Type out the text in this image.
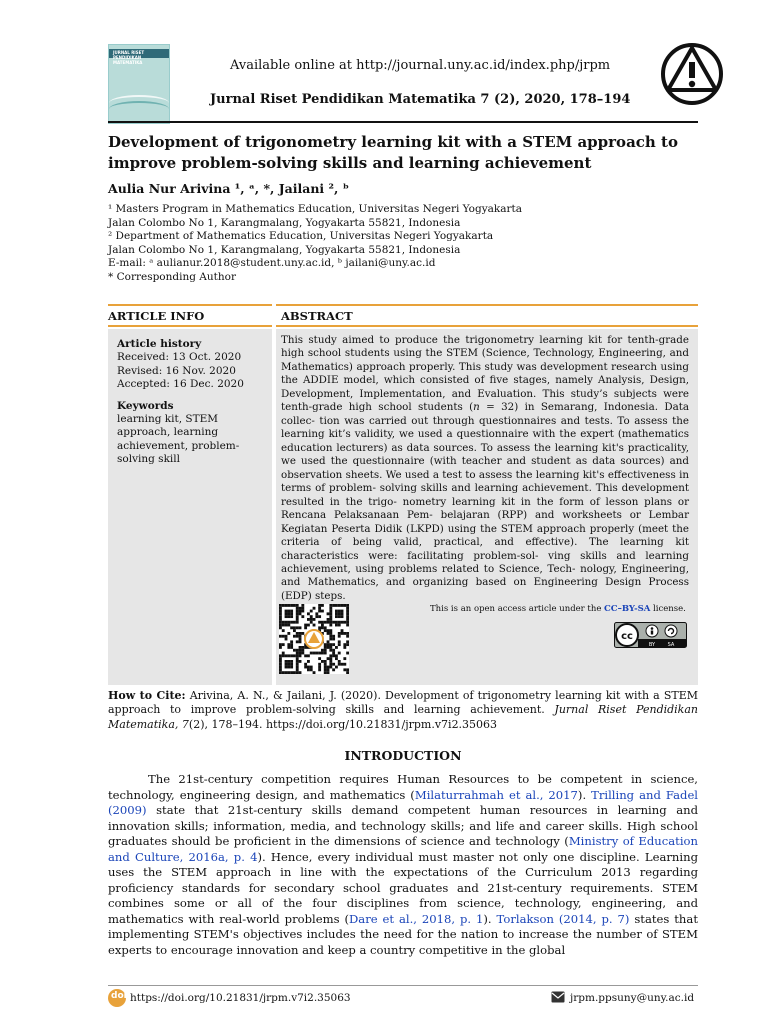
JURNAL RISET PENDIDIKAN MATEMATIKA	Available online at http://journal.uny.ac.id/index.php/jrpm
Jurnal Riset Pendidikan Matematika 7 (2), 2020, 178–194
Development of trigonometry learning kit with a STEM approach to improve problem-solving skills and learning achievement
Aulia Nur Arivina ¹, ᵃ, *, Jailani ², ᵇ
¹ Masters Program in Mathematics Education, Universitas Negeri Yogyakarta
Jalan Colombo No 1, Karangmalang, Yogyakarta 55821, Indonesia
² Department of Mathematics Education, Universitas Negeri Yogyakarta
Jalan Colombo No 1, Karangmalang, Yogyakarta 55821, Indonesia
E-mail: ᵃ aulianur.2018@student.uny.ac.id, ᵇ jailani@uny.ac.id
* Corresponding Author
ARTICLE INFO	ABSTRACT
Article history
Received: 13 Oct. 2020
Revised: 16 Nov. 2020
Accepted: 16 Dec. 2020
Keywords
learning kit, STEM approach, learning achievement, problem-solving skill
This study aimed to produce the trigonometry learning kit for tenth-grade high school students using the STEM (Science, Technology, Engineering, and Mathematics) approach properly. This study was development research using the ADDIE model, which consisted of five stages, namely Analysis, Design, Development, Implementation, and Evaluation. This study’s subjects were tenth-grade high school students (n = 32) in Semarang, Indonesia. Data collec- tion was carried out through questionnaires and tests. To assess the learning kit’s validity, we used a questionnaire with the expert (mathematics education lecturers) as data sources. To assess the learning kit's practicality, we used the questionnaire (with teacher and student as data sources) and observation sheets. We used a test to assess the learning kit's effectiveness in terms of problem- solving skills and learning achievement. This development resulted in the trigo- nometry learning kit in the form of lesson plans or Rencana Pelaksanaan Pem- belajaran (RPP) and worksheets or Lembar Kegiatan Peserta Didik (LKPD) using the STEM approach properly (meet the criteria of being valid, practical, and effective). The learning kit characteristics were: facilitating problem-sol- ving skills and learning achievement, using problems related to Science, Tech- nology, Engineering, and Mathematics, and organizing based on Engineering Design Process (EDP) steps.
This is an open access article under the CC–BY-SA license.
cc
BY	SA
How to Cite: Arivina, A. N., & Jailani, J. (2020). Development of trigonometry learning kit with a STEM approach to improve problem-solving skills and learning achievement. Jurnal Riset Pendidikan Matematika, 7(2), 178–194. https://doi.org/10.21831/jrpm.v7i2.35063
INTRODUCTION
The 21st-century competition requires Human Resources to be competent in science, technology, engineering design, and mathematics (Milaturrahmah et al., 2017). Trilling and Fadel (2009) state that 21st-century skills demand competent human resources in learning and innovation skills; information, media, and technology skills; and life and career skills. High school graduates should be proficient in the dimensions of science and technology (Ministry of Education and Culture, 2016a, p. 4). Hence, every individual must master not only one discipline. Learning uses the STEM approach in line with the expectations of the Curriculum 2013 regarding proficiency standards for secondary school graduates and 21st-century requirements. STEM combines some or all of the four disciplines from science, technology, engineering, and mathematics with real-world problems (Dare et al., 2018, p. 1). Torlakson (2014, p. 7) states that implementing STEM's objectives includes the need for the nation to increase the number of STEM experts to encourage innovation and keep a country competitive in the global
doi https://doi.org/10.21831/jrpm.v7i2.35063	jrpm.ppsuny@uny.ac.id
